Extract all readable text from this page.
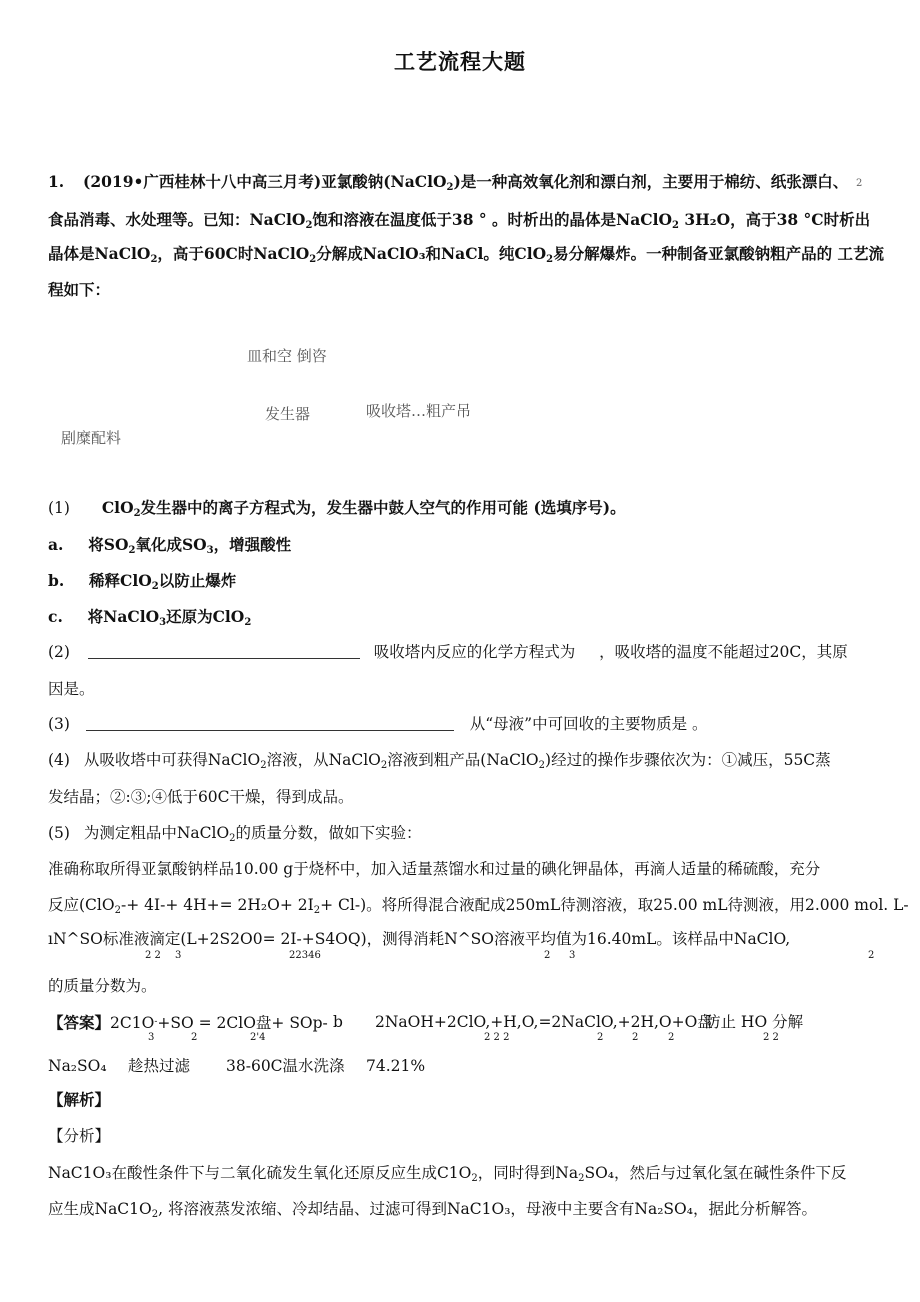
工艺流程大题
1. (2019•广西桂林十八中高三月考)亚氯酸钠(NaClO$_2$)是一种高效氧化剂和漂白剂，主要用于棉纺、纸张漂白、 2
食品消毒、水处理等。已知：NaClO$_2$饱和溶液在温度低于38 ° 。时析出的晶体是NaClO$_2$ 3H₂O，高于38 °C时析出
晶体是NaClO$_2$，高于60C时NaClO$_2$分解成NaClO₃和NaCl。纯ClO$_2$易分解爆炸。一种制备亚氯酸钠粗产品的 工艺流
程如下：
皿和空 倒咨
发生器	吸收塔…粗产吊
剧糜配料
(1) ClO$_2$发生器中的离子方程式为，发生器中鼓人空气的作用可能 (选填序号)。
a. 将$SO_2$氧化成$SO_3$，增强酸性
b. 稀释ClO$_2$以防止爆炸
c. 将NaClO$_3$还原为ClO$_2$
(2)	吸收塔内反应的化学方程式为 ，吸收塔的温度不能超过20C，其原
因是。
(3)	从“母液”中可回收的主要物质是 。
(4) 从吸收塔中可获得NaClO$_2$溶液，从NaClO$_2$溶液到粗产品(NaClO$_2$)经过的操作步骤依次为：①减压，55C蒸
发结晶；②:③;④低于60C干燥，得到成品。
(5) 为测定粗品中NaClO$_2$的质量分数，做如下实验：
准确称取所得亚氯酸钠样品10.00 g于烧杯中，加入适量蒸馏水和过量的碘化钾晶体，再滴人适量的稀硫酸，充分
反应$(ClO_2-+ 4I-+ 4H+= 2H_2O+ 2I_2+ Cl-)$。将所得混合液配成250mL待测溶液，取25.00 mL待测液，用2.000 mol. L-
ıN^SO标准液滴定(L+2S2O0= 2I-+S4OQ)，测得消耗N^SO溶液平均值为16.40mL。该样品中NaClO,
2 2 3	22346	2 3	2
的质量分数为。
【答案】2C1O-+SO = 2ClO盘+ SOp- b 2NaOH+2ClO,+H,O,=2NaClO,+2H,O+O盘
防止 HO 分解
3	2	2'4	2 2 2	2	2	2	2 2
Na₂SO₄ 趁热过滤 38-60C温水洗涤 74.21%
【解析】
【分析】
NaC1O₃在酸性条件下与二氧化硫发生氧化还原反应生成$C1O_2$，同时得到$Na_2SO_4$，然后与过氧化氢在碱性条件下反
应生成$NaC1O_2$, 将溶液蒸发浓缩、冷却结晶、过滤可得到NaC1O₃，母液中主要含有Na₂SO₄，据此分析解答。
